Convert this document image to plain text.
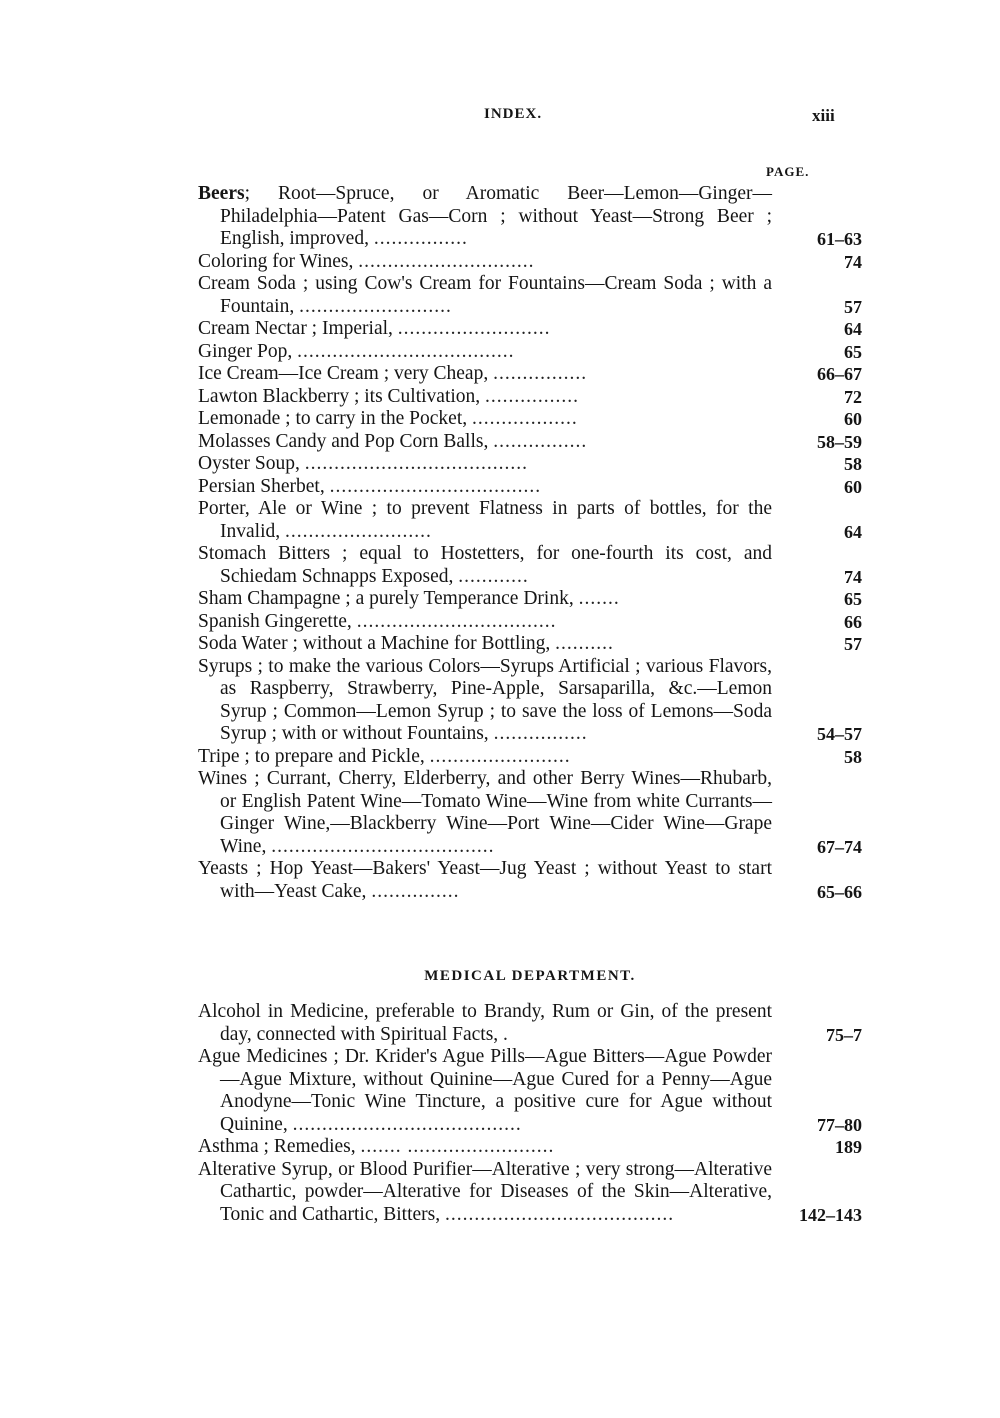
INDEX.	xiii
PAGE.
Beers; Root—Spruce, or Aromatic Beer—Lemon—Ginger—Philadelphia—Patent Gas—Corn ; without Yeast—Strong Beer ; English, improved, ................	61–63
Coloring for Wines, ..............................	74
Cream Soda ; using Cow's Cream for Fountains—Cream Soda ; with a Fountain, ..........................	57
Cream Nectar ; Imperial, ..........................	64
Ginger Pop, .....................................	65
Ice Cream—Ice Cream ; very Cheap, ................	66–67
Lawton Blackberry ; its Cultivation, ................	72
Lemonade ; to carry in the Pocket, ..................	60
Molasses Candy and Pop Corn Balls, ................	58–59
Oyster Soup, ......................................	58
Persian Sherbet, ....................................	60
Porter, Ale or Wine ; to prevent Flatness in parts of bottles, for the Invalid, .........................	64
Stomach Bitters ; equal to Hostetters, for one-fourth its cost, and Schiedam Schnapps Exposed, ............	74
Sham Champagne ; a purely Temperance Drink, .......	65
Spanish Gingerette, ..................................	66
Soda Water ; without a Machine for Bottling, ..........	57
Syrups ; to make the various Colors—Syrups Artificial ; various Flavors, as Raspberry, Strawberry, Pine-Apple, Sarsaparilla, &c.—Lemon Syrup ; Common—Lemon Syrup ; to save the loss of Lemons—Soda Syrup ; with or without Fountains, ................	54–57
Tripe ; to prepare and Pickle, ........................	58
Wines ; Currant, Cherry, Elderberry, and other Berry Wines—Rhubarb, or English Patent Wine—Tomato Wine—Wine from white Currants—Ginger Wine,—Blackberry Wine—Port Wine—Cider Wine—Grape Wine, ......................................	67–74
Yeasts ; Hop Yeast—Bakers' Yeast—Jug Yeast ; without Yeast to start with—Yeast Cake, ...............	65–66
MEDICAL DEPARTMENT.
Alcohol in Medicine, preferable to Brandy, Rum or Gin, of the present day, connected with Spiritual Facts, .	75–7
Ague Medicines ; Dr. Krider's Ague Pills—Ague Bitters—Ague Powder—Ague Mixture, without Quinine—Ague Cured for a Penny—Ague Anodyne—Tonic Wine Tincture, a positive cure for Ague without Quinine, .......................................	77–80
Asthma ; Remedies, ....... .........................	189
Alterative Syrup, or Blood Purifier—Alterative ; very strong—Alterative Cathartic, powder—Alterative for Diseases of the Skin—Alterative, Tonic and Cathartic, Bitters, .......................................	142–143
